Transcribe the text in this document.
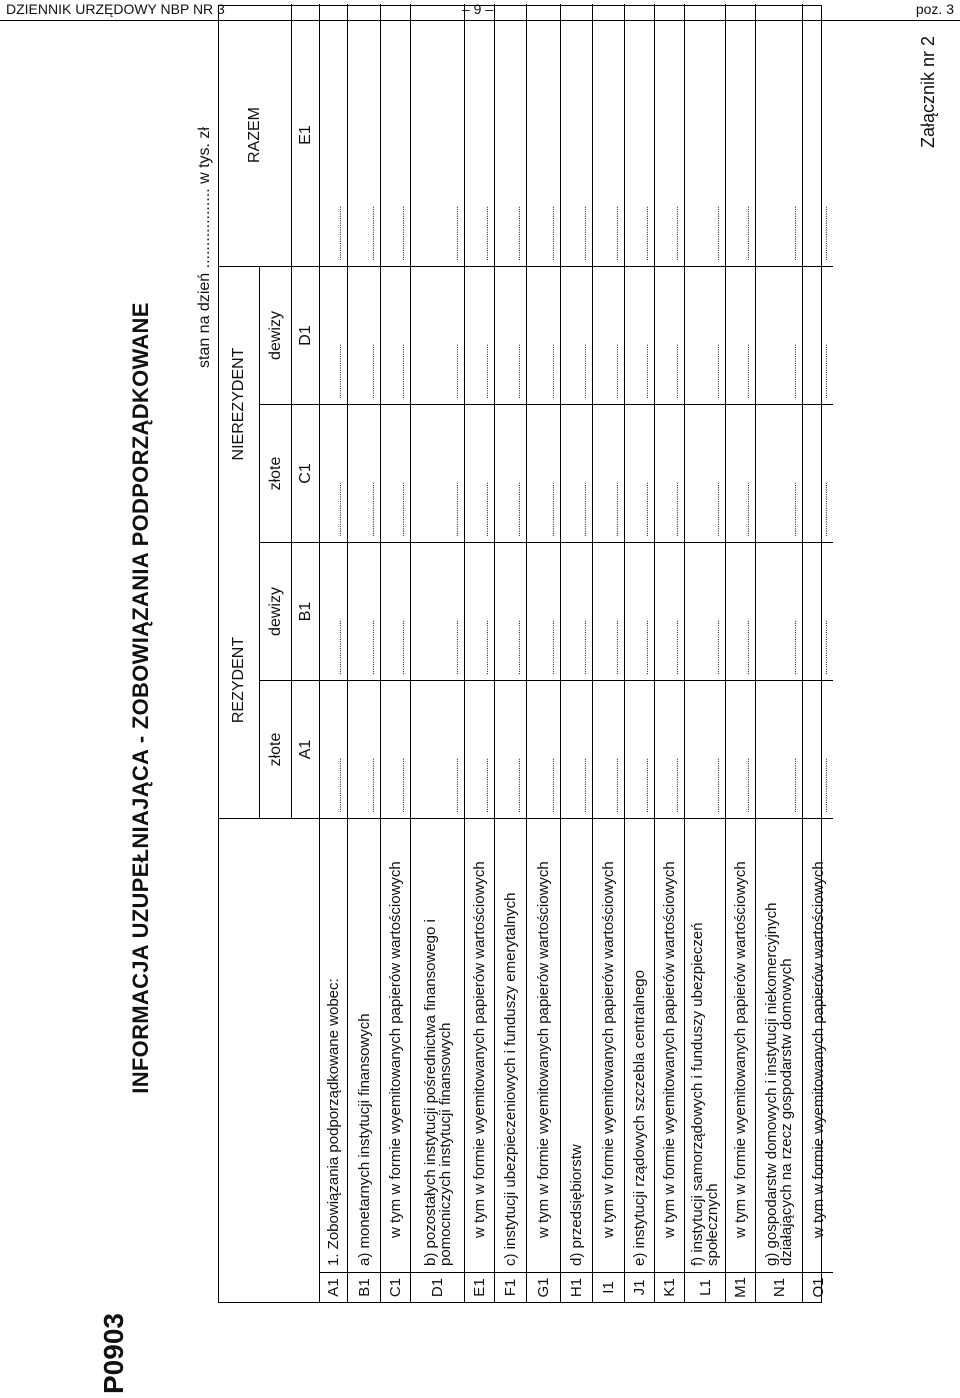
DZIENNIK URZĘDOWY NBP NR 3	– 9 –	poz. 3
P0903
Załącznik nr 2
INFORMACJA UZUPEŁNIAJĄCA - ZOBOWIĄZANIA PODPORZĄDKOWANE
stan na dzień .................. w tys. zł
REZYDENT
NIEREZYDENT
RAZEM
złote
dewizy
złote
dewizy
A1
B1
C1
D1
E1
A1
1. Zobowiązania podporządkowane wobec:
........................
........................
........................
........................
........................
B1
a) monetarnych instytucji finansowych
........................
........................
........................
........................
........................
C1
w tym w formie wyemitowanych papierów wartościowych
........................
........................
........................
........................
........................
D1
b) pozostałych instytucji pośrednictwa finansowego i pomocniczych instytucji finansowych
........................
........................
........................
........................
........................
E1
w tym w formie wyemitowanych papierów wartościowych
........................
........................
........................
........................
........................
F1
c) instytucji ubezpieczeniowych i funduszy emerytalnych
........................
........................
........................
........................
........................
G1
w tym w formie wyemitowanych papierów wartościowych
........................
........................
........................
........................
........................
H1
d) przedsiębiorstw
........................
........................
........................
........................
........................
I1
w tym w formie wyemitowanych papierów wartościowych
........................
........................
........................
........................
........................
J1
e) instytucji rządowych szczebla centralnego
........................
........................
........................
........................
........................
K1
w tym w formie wyemitowanych papierów wartościowych
........................
........................
........................
........................
........................
L1
f) instytucji samorządowych i funduszy ubezpieczeń społecznych
........................
........................
........................
........................
........................
M1
w tym w formie wyemitowanych papierów wartościowych
........................
........................
........................
........................
........................
N1
g) gospodarstw domowych i instytucji niekomercyjnych działających na rzecz gospodarstw domowych
........................
........................
........................
........................
........................
O1
w tym w formie wyemitowanych papierów wartościowych
........................
........................
........................
........................
........................
